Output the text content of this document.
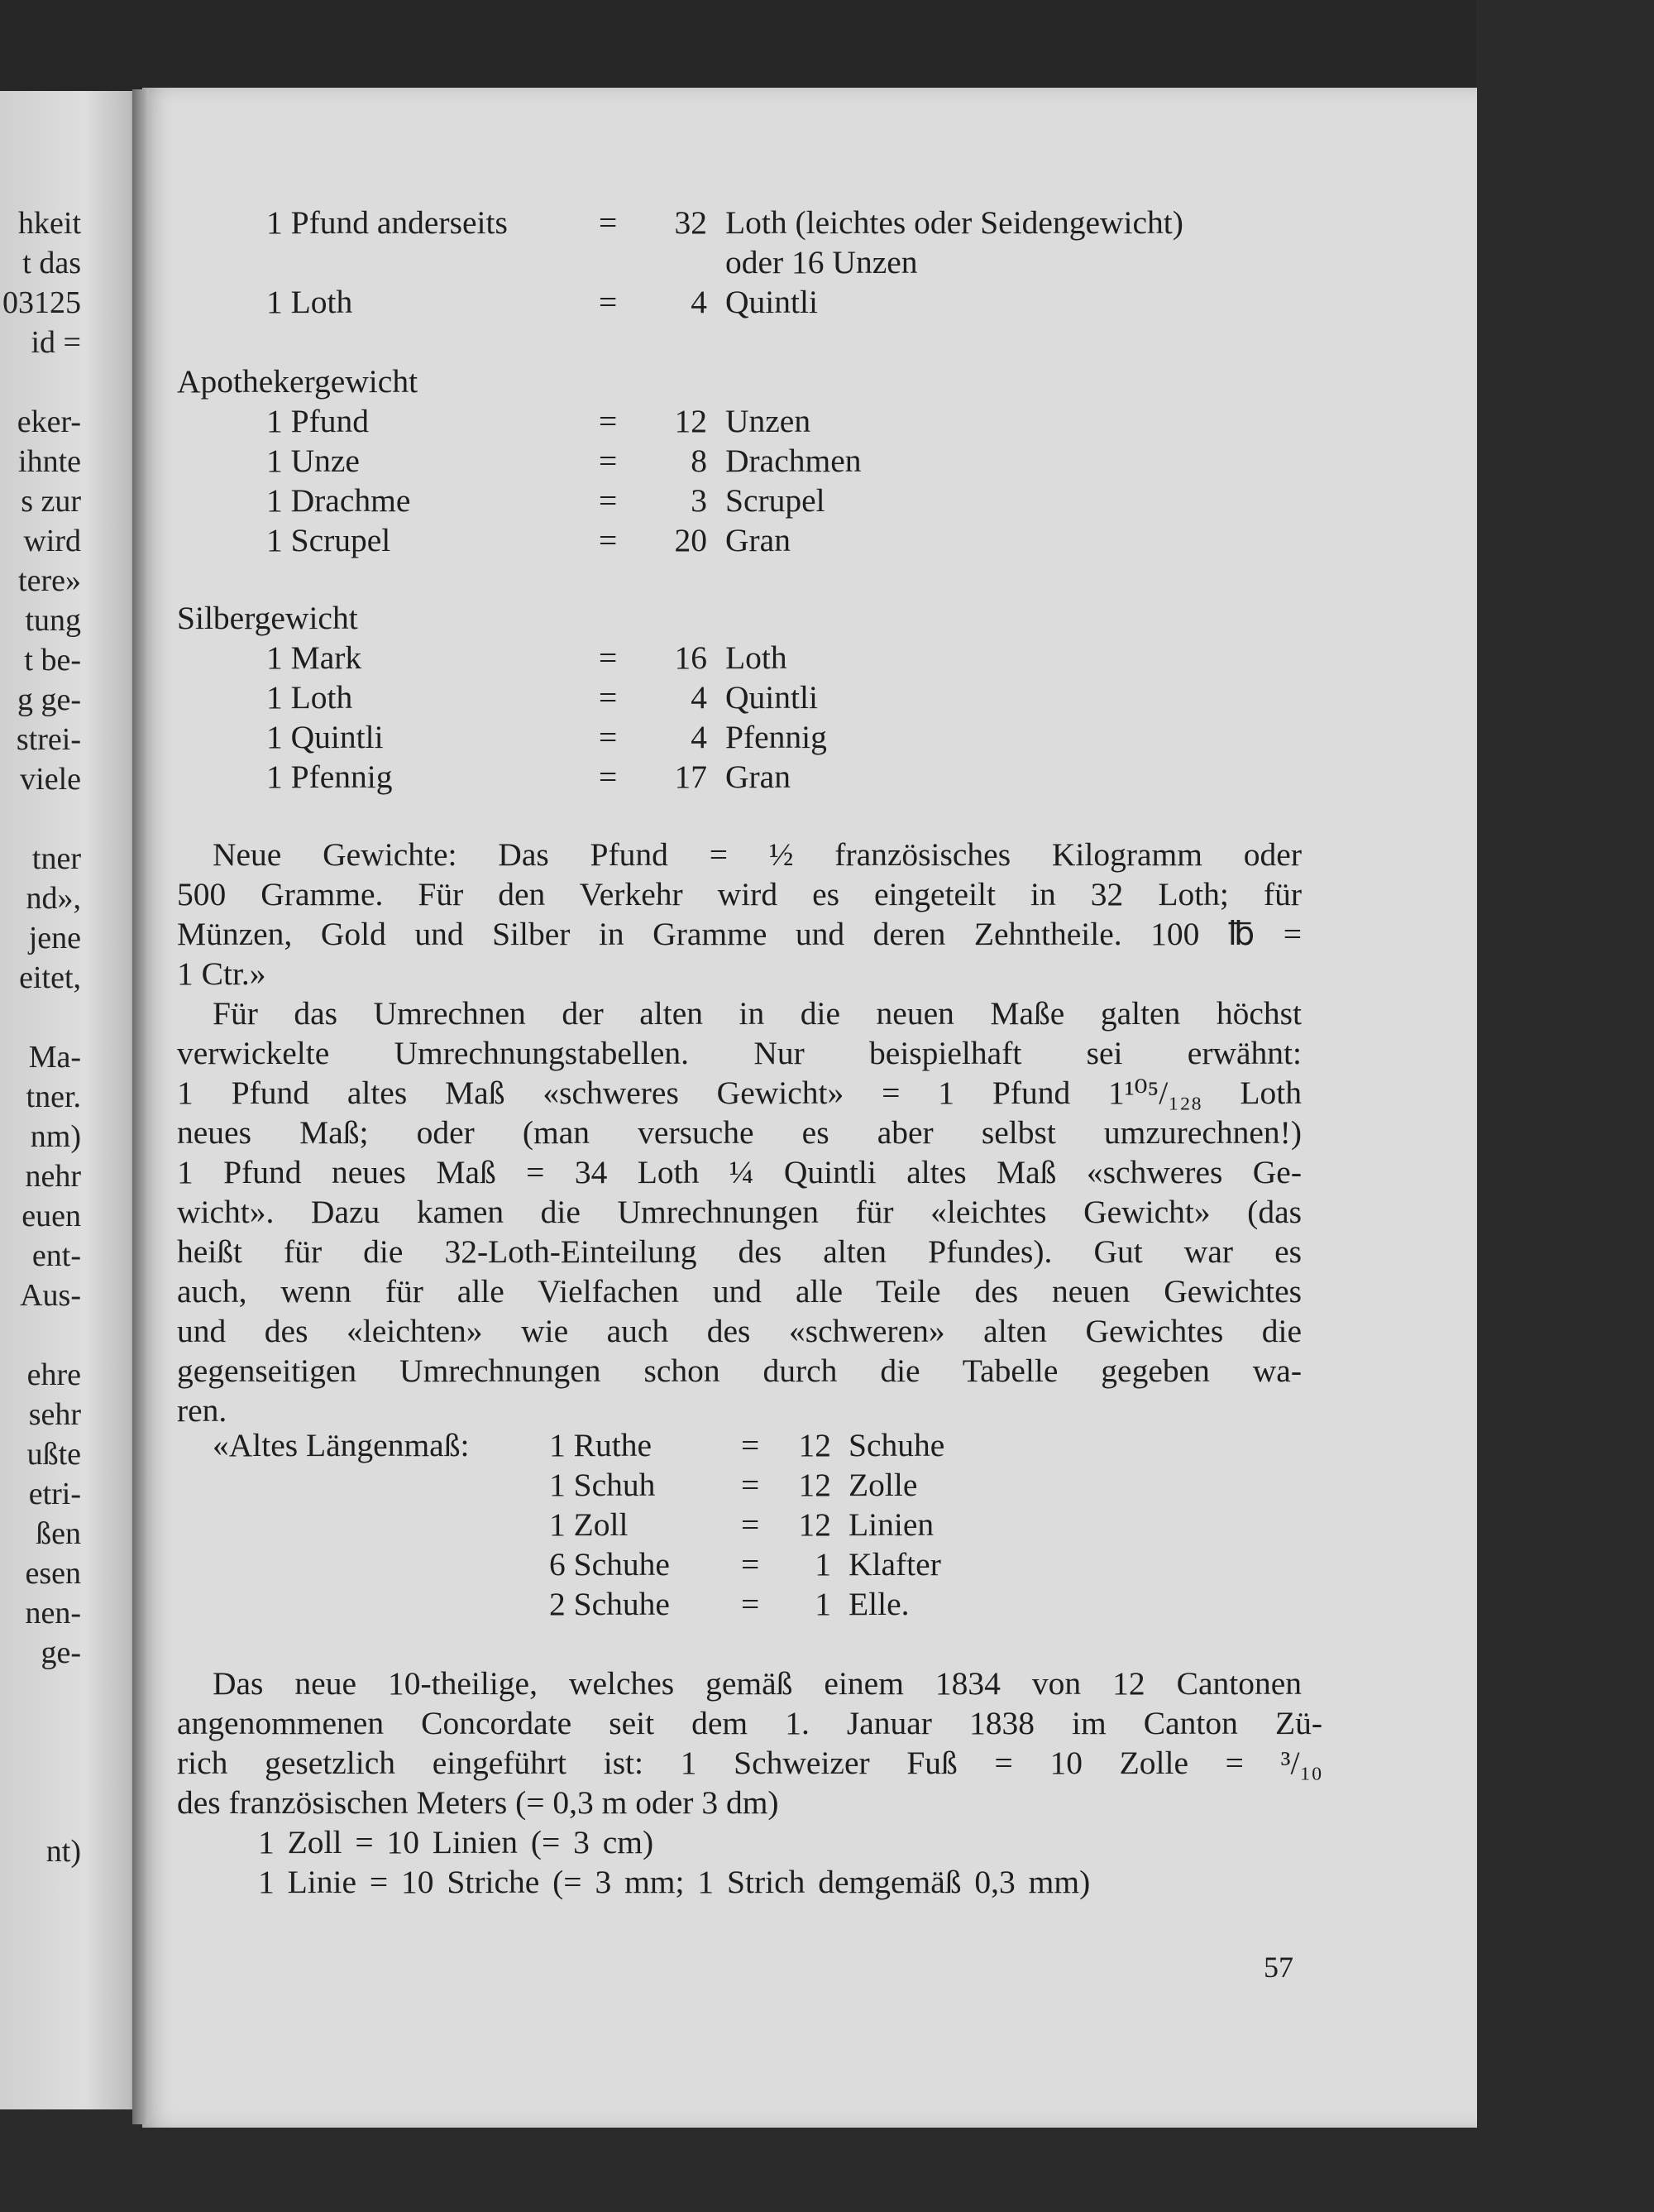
hkeit
t das
03125
id =
eker-
ihnte
s zur
wird
tere»
tung
t be-
g ge-
strei-
viele
tner
nd»,
jene
eitet,
Ma-
tner.
nm)
nehr
euen
ent-
Aus-
ehre
sehr
ußte
etri-
ßen
esen
nen-
ge-
nt)
1 Pfund anderseits	=	32 Loth (leichtes oder Seidengewicht)
oder 16 Unzen
1 Loth	=	4 Quintli
Apothekergewicht
1 Pfund	=	12 Unzen
1 Unze	=	8 Drachmen
1 Drachme	=	3 Scrupel
1 Scrupel	=	20 Gran
Silbergewicht
1 Mark	=	16 Loth
1 Loth	=	4 Quintli
1 Quintli	=	4 Pfennig
1 Pfennig	=	17 Gran
Neue Gewichte: Das Pfund = ½ französisches Kilogramm oder
500 Gramme. Für den Verkehr wird es eingeteilt in 32 Loth; für
Münzen, Gold und Silber in Gramme und deren Zehntheile. 100 ℔ =
1 Ctr.»
Für das Umrechnen der alten in die neuen Maße galten höchst
verwickelte Umrechnungstabellen. Nur beispielhaft sei erwähnt:
1 Pfund altes Maß «schweres Gewicht» = 1 Pfund 1¹⁰⁵/₁₂₈ Loth
neues Maß; oder (man versuche es aber selbst umzurechnen!)
1 Pfund neues Maß = 34 Loth ¼ Quintli altes Maß «schweres Ge-
wicht». Dazu kamen die Umrechnungen für «leichtes Gewicht» (das
heißt für die 32-Loth-Einteilung des alten Pfundes). Gut war es
auch, wenn für alle Vielfachen und alle Teile des neuen Gewichtes
und des «leichten» wie auch des «schweren» alten Gewichtes die
gegenseitigen Umrechnungen schon durch die Tabelle gegeben wa-
ren.
«Altes Längenmaß: 1 Ruthe	=	12 Schuhe
1 Schuh	=	12 Zolle
1 Zoll	=	12 Linien
6 Schuhe =	1 Klafter
2 Schuhe =	1 Elle.
Das neue 10-theilige, welches gemäß einem 1834 von 12 Cantonen
angenommenen Concordate seit dem 1. Januar 1838 im Canton Zü-
rich gesetzlich eingeführt ist: 1 Schweizer Fuß = 10 Zolle = ³/₁₀
des französischen Meters (= 0,3 m oder 3 dm)
1 Zoll = 10 Linien (= 3 cm)
1 Linie = 10 Striche (= 3 mm; 1 Strich demgemäß 0,3 mm)
57
